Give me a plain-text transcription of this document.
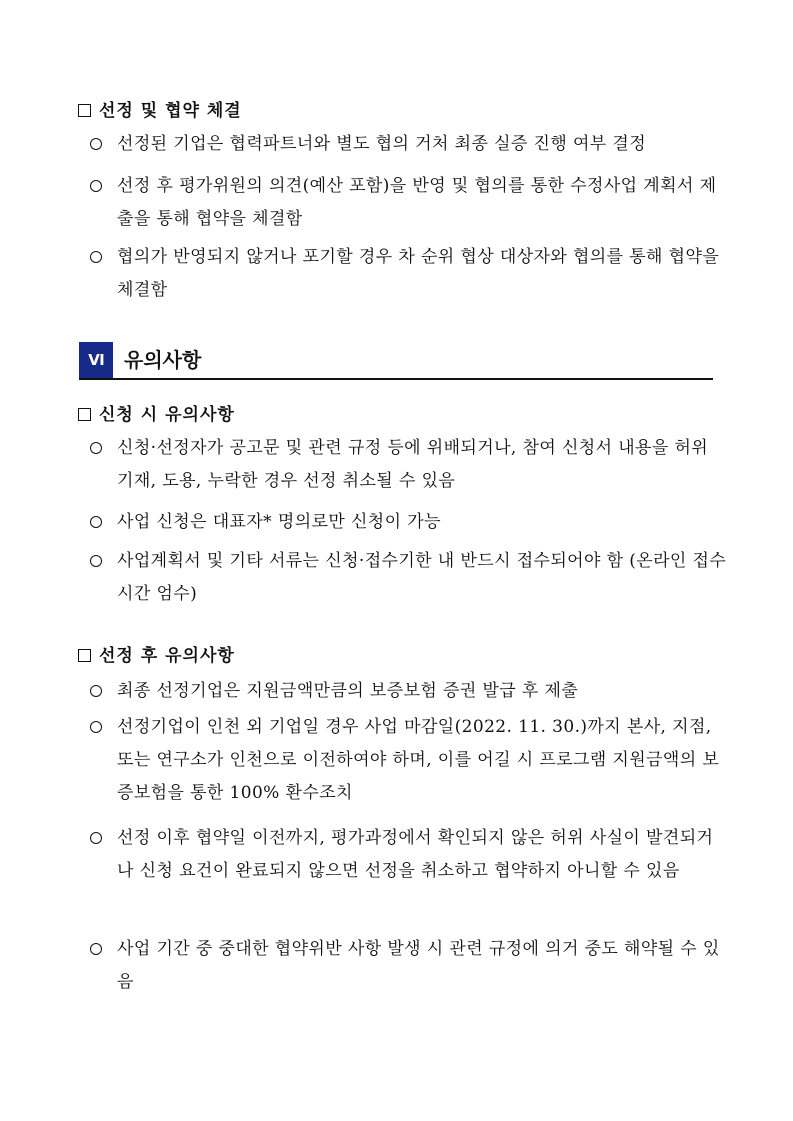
선정 및 협약 체결
선정된 기업은 협력파트너와 별도 협의 거처 최종 실증 진행 여부 결정
선정 후 평가위원의 의견(예산 포함)을 반영 및 협의를 통한 수정사업 계획서 제출을 통해 협약을 체결함
협의가 반영되지 않거나 포기할 경우 차 순위 협상 대상자와 협의를 통해 협약을 체결함
Ⅵ	유의사항
신청 시 유의사항
신청·선정자가 공고문 및 관련 규정 등에 위배되거나, 참여 신청서 내용을 허위 기재, 도용, 누락한 경우 선정 취소될 수 있음
사업 신청은 대표자* 명의로만 신청이 가능
사업계획서 및 기타 서류는 신청·접수기한 내 반드시 접수되어야 함 (온라인 접수 시간 엄수)
선정 후 유의사항
최종 선정기업은 지원금액만큼의 보증보험 증권 발급 후 제출
선정기업이 인천 외 기업일 경우 사업 마감일(2022. 11. 30.)까지 본사, 지점, 또는 연구소가 인천으로 이전하여야 하며, 이를 어길 시 프로그램 지원금액의 보증보험을 통한 100% 환수조치
선정 이후 협약일 이전까지, 평가과정에서 확인되지 않은 허위 사실이 발견되거나 신청 요건이 완료되지 않으면 선정을 취소하고 협약하지 아니할 수 있음
사업 기간 중 중대한 협약위반 사항 발생 시 관련 규정에 의거 중도 해약될 수 있음
